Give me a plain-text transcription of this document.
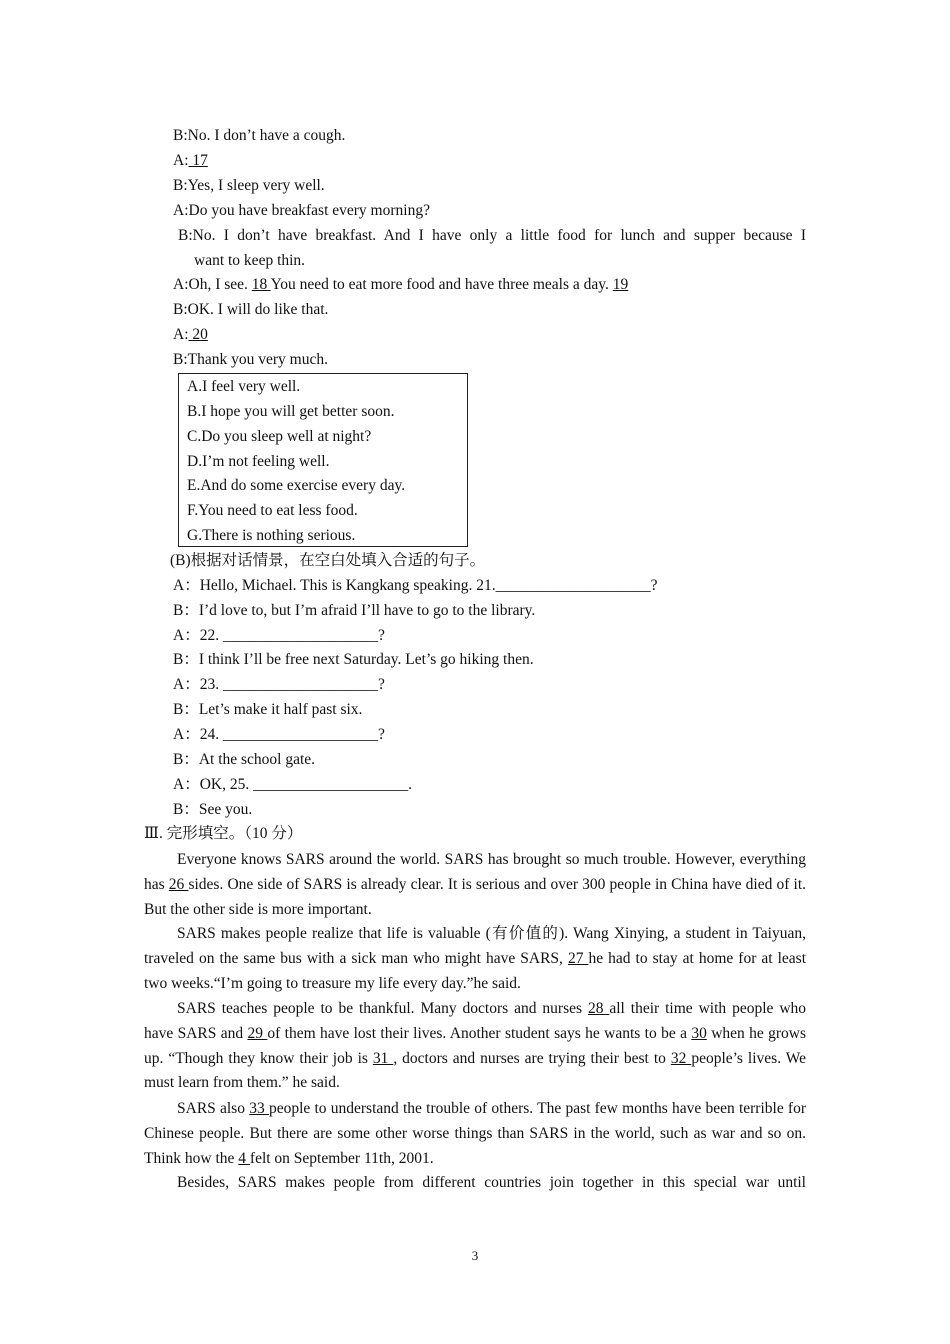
B:No. I don’t have a cough.
A: 17
B:Yes, I sleep very well.
A:Do you have breakfast every morning?
B:No. I don’t have breakfast. And I have only a little food for lunch and supper because I
want to keep thin.
A:Oh, I see. 18 You need to eat more food and have three meals a day. 19
B:OK. I will do like that.
A: 20
B:Thank you very much.
A.I feel very well.
B.I hope you will get better soon.
C.Do you sleep well at night?
D.I’m not feeling well.
E.And do some exercise every day.
F.You need to eat less food.
G.There is nothing serious.
(B)根据对话情景，在空白处填入合适的句子。
A：Hello, Michael. This is Kangkang speaking. 21.____________________?
B：I’d love to, but I’m afraid I’ll have to go to the library.
A：22. ____________________?
B：I think I’ll be free next Saturday. Let’s go hiking then.
A：23. ____________________?
B：Let’s make it half past six.
A：24. ____________________?
B：At the school gate.
A：OK, 25. ____________________.
B：See you.
Ⅲ. 完形填空。（10 分）
Everyone knows SARS around the world. SARS has brought so much trouble. However, everything has 26 sides. One side of SARS is already clear. It is serious and over 300 people in China have died of it. But the other side is more important.
SARS makes people realize that life is valuable (有价值的). Wang Xinying, a student in Taiyuan, traveled on the same bus with a sick man who might have SARS, 27 he had to stay at home for at least two weeks.“I’m going to treasure my life every day.”he said.
SARS teaches people to be thankful. Many doctors and nurses 28 all their time with people who have SARS and 29 of them have lost their lives. Another student says he wants to be a 30 when he grows up. “Though they know their job is 31 , doctors and nurses are trying their best to 32 people’s lives. We must learn from them.” he said.
SARS also 33 people to understand the trouble of others. The past few months have been terrible for Chinese people. But there are some other worse things than SARS in the world, such as war and so on. Think how the 4 felt on September 11th, 2001.
Besides, SARS makes people from different countries join together in this special war until
3
